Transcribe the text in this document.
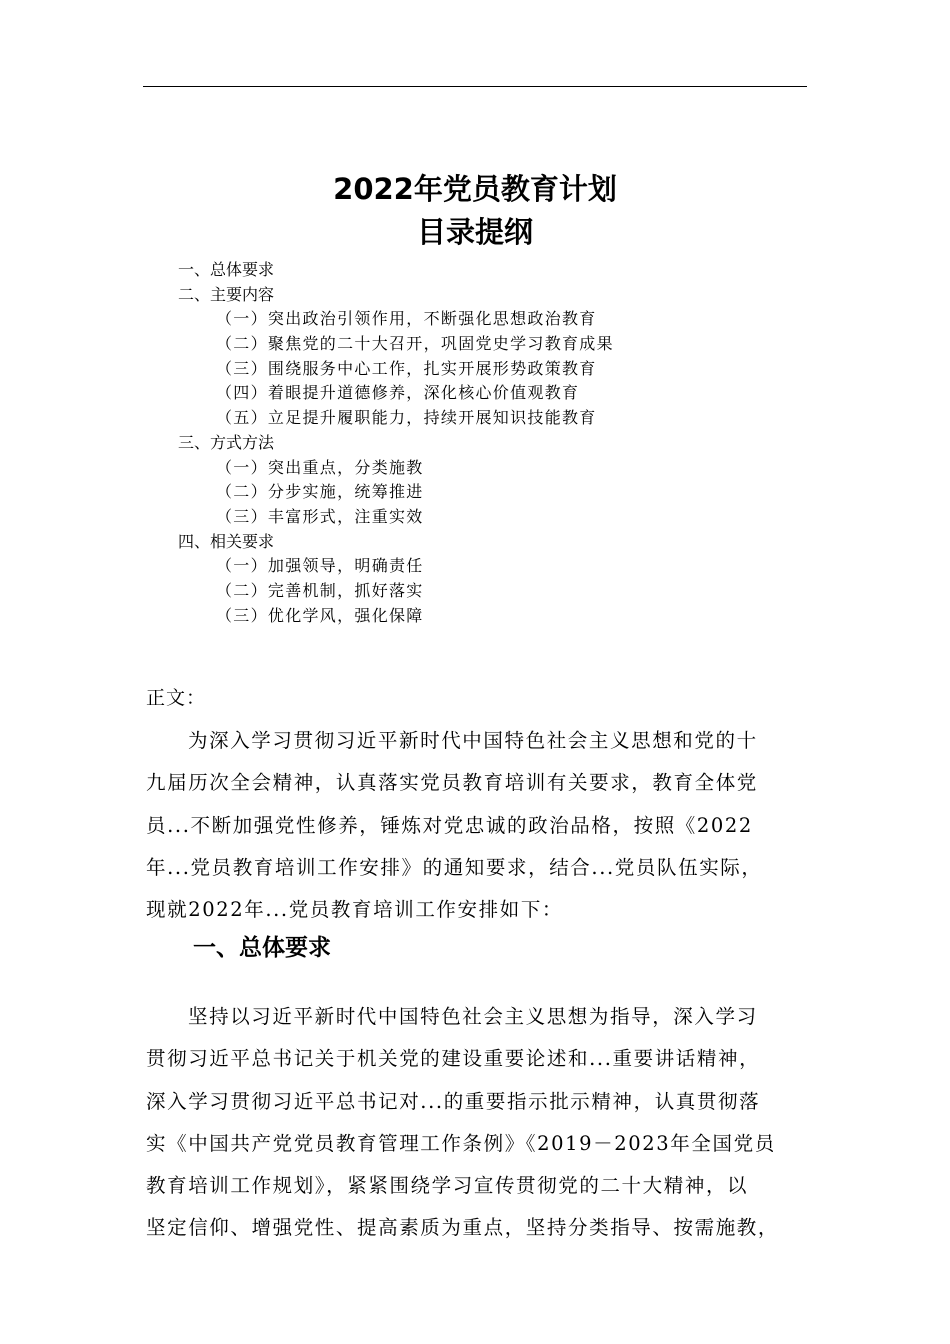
2022年党员教育计划
目录提纲
一、总体要求
二、主要内容
（一）突出政治引领作用，不断强化思想政治教育
（二）聚焦党的二十大召开，巩固党史学习教育成果
（三）围绕服务中心工作，扎实开展形势政策教育
（四）着眼提升道德修养，深化核心价值观教育
（五）立足提升履职能力，持续开展知识技能教育
三、方式方法
（一）突出重点，分类施教
（二）分步实施，统筹推进
（三）丰富形式，注重实效
四、相关要求
（一）加强领导，明确责任
（二）完善机制，抓好落实
（三）优化学风，强化保障
正文：
为深入学习贯彻习近平新时代中国特色社会主义思想和党的十
九届历次全会精神，认真落实党员教育培训有关要求，教育全体党
员...不断加强党性修养，锤炼对党忠诚的政治品格，按照《2022
年...党员教育培训工作安排》的通知要求，结合...党员队伍实际，
现就2022年...党员教育培训工作安排如下：
一、总体要求
坚持以习近平新时代中国特色社会主义思想为指导，深入学习
贯彻习近平总书记关于机关党的建设重要论述和...重要讲话精神，
深入学习贯彻习近平总书记对...的重要指示批示精神，认真贯彻落
实《中国共产党党员教育管理工作条例》《2019－2023年全国党员
教育培训工作规划》，紧紧围绕学习宣传贯彻党的二十大精神，以
坚定信仰、增强党性、提高素质为重点，坚持分类指导、按需施教，
